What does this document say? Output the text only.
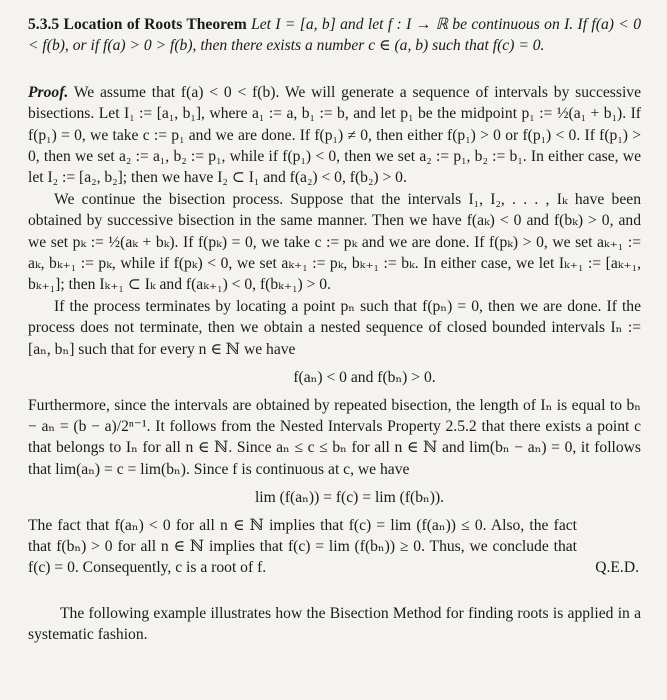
5.3.5 Location of Roots Theorem Let I = [a, b] and let f : I → ℝ be continuous on I. If f(a) < 0 < f(b), or if f(a) > 0 > f(b), then there exists a number c ∈ (a, b) such that f(c) = 0.

Proof. We assume that f(a) < 0 < f(b). We will generate a sequence of intervals by successive bisections. Let I₁ := [a₁, b₁], where a₁ := a, b₁ := b, and let p₁ be the midpoint p₁ := ½(a₁ + b₁). If f(p₁) = 0, we take c := p₁ and we are done. If f(p₁) ≠ 0, then either f(p₁) > 0 or f(p₁) < 0. If f(p₁) > 0, then we set a₂ := a₁, b₂ := p₁, while if f(p₁) < 0, then we set a₂ := p₁, b₂ := b₁. In either case, we let I₂ := [a₂, b₂]; then we have I₂ ⊂ I₁ and f(a₂) < 0, f(b₂) > 0.

We continue the bisection process. Suppose that the intervals I₁, I₂, . . . , Iₖ have been obtained by successive bisection in the same manner. Then we have f(aₖ) < 0 and f(bₖ) > 0, and we set pₖ := ½(aₖ + bₖ). If f(pₖ) = 0, we take c := pₖ and we are done. If f(pₖ) > 0, we set aₖ₊₁ := aₖ, bₖ₊₁ := pₖ, while if f(pₖ) < 0, we set aₖ₊₁ := pₖ, bₖ₊₁ := bₖ. In either case, we let Iₖ₊₁ := [aₖ₊₁, bₖ₊₁]; then Iₖ₊₁ ⊂ Iₖ and f(aₖ₊₁) < 0, f(bₖ₊₁) > 0.

If the process terminates by locating a point pₙ such that f(pₙ) = 0, then we are done. If the process does not terminate, then we obtain a nested sequence of closed bounded intervals Iₙ := [aₙ, bₙ] such that for every n ∈ ℕ we have

f(aₙ) < 0 and f(bₙ) > 0.

Furthermore, since the intervals are obtained by repeated bisection, the length of Iₙ is equal to bₙ − aₙ = (b − a)/2ⁿ⁻¹. It follows from the Nested Intervals Property 2.5.2 that there exists a point c that belongs to Iₙ for all n ∈ ℕ. Since aₙ ≤ c ≤ bₙ for all n ∈ ℕ and lim(bₙ − aₙ) = 0, it follows that lim(aₙ) = c = lim(bₙ). Since f is continuous at c, we have

lim (f(aₙ)) = f(c) = lim (f(bₙ)).

The fact that f(aₙ) < 0 for all n ∈ ℕ implies that f(c) = lim (f(aₙ)) ≤ 0. Also, the fact that f(bₙ) > 0 for all n ∈ ℕ implies that f(c) = lim (f(bₙ)) ≥ 0. Thus, we conclude that f(c) = 0. Consequently, c is a root of f.	Q.E.D.

The following example illustrates how the Bisection Method for finding roots is applied in a systematic fashion.
